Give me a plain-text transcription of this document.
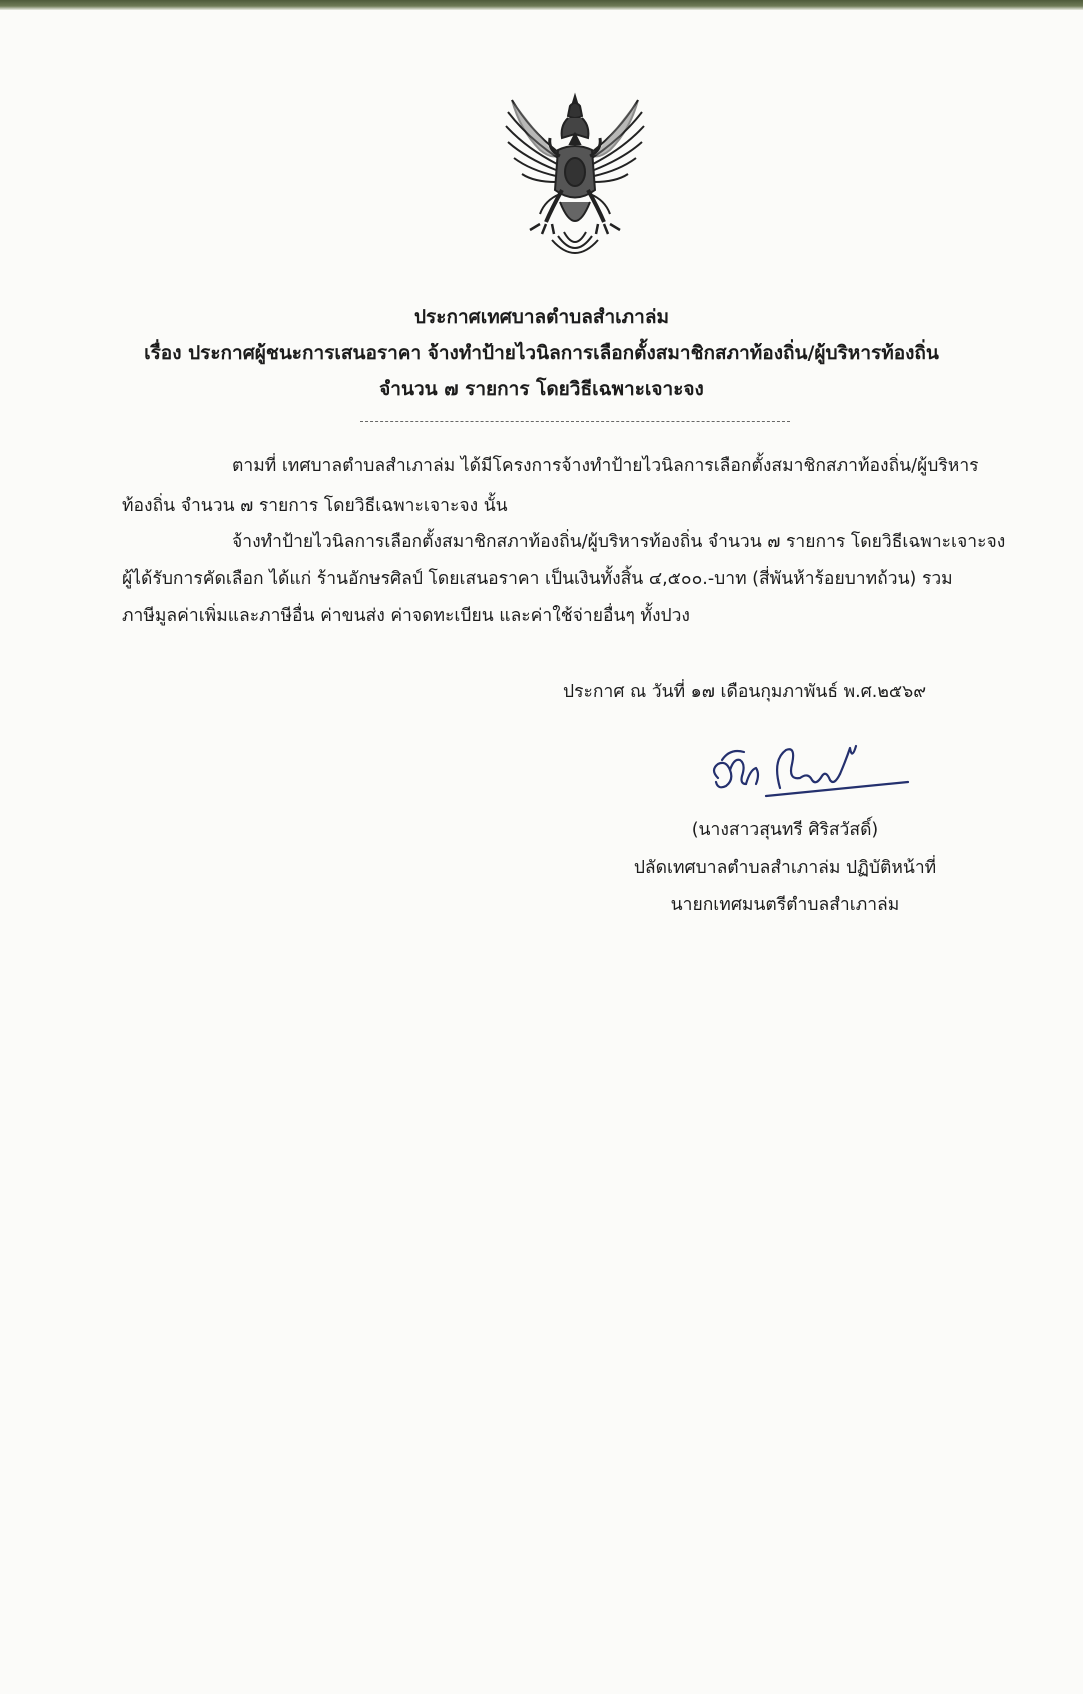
ประกาศเทศบาลตำบลสำเภาล่ม
เรื่อง ประกาศผู้ชนะการเสนอราคา จ้างทำป้ายไวนิลการเลือกตั้งสมาชิกสภาท้องถิ่น/ผู้บริหารท้องถิ่น
จำนวน ๗ รายการ โดยวิธีเฉพาะเจาะจง
ตามที่ เทศบาลตำบลสำเภาล่ม ได้มีโครงการจ้างทำป้ายไวนิลการเลือกตั้งสมาชิกสภาท้องถิ่น/ผู้บริหาร
ท้องถิ่น จำนวน ๗ รายการ โดยวิธีเฉพาะเจาะจง นั้น
จ้างทำป้ายไวนิลการเลือกตั้งสมาชิกสภาท้องถิ่น/ผู้บริหารท้องถิ่น จำนวน ๗ รายการ โดยวิธีเฉพาะเจาะจง
ผู้ได้รับการคัดเลือก ได้แก่ ร้านอักษรศิลป์ โดยเสนอราคา เป็นเงินทั้งสิ้น ๔,๕๐๐.-บาท (สี่พันห้าร้อยบาทถ้วน) รวม
ภาษีมูลค่าเพิ่มและภาษีอื่น ค่าขนส่ง ค่าจดทะเบียน และค่าใช้จ่ายอื่นๆ ทั้งปวง
ประกาศ ณ วันที่ ๑๗ เดือนกุมภาพันธ์ พ.ศ.๒๕๖๙
(นางสาวสุนทรี ศิริสวัสดิ์)
ปลัดเทศบาลตำบลสำเภาล่ม ปฏิบัติหน้าที่
นายกเทศมนตรีตำบลสำเภาล่ม
